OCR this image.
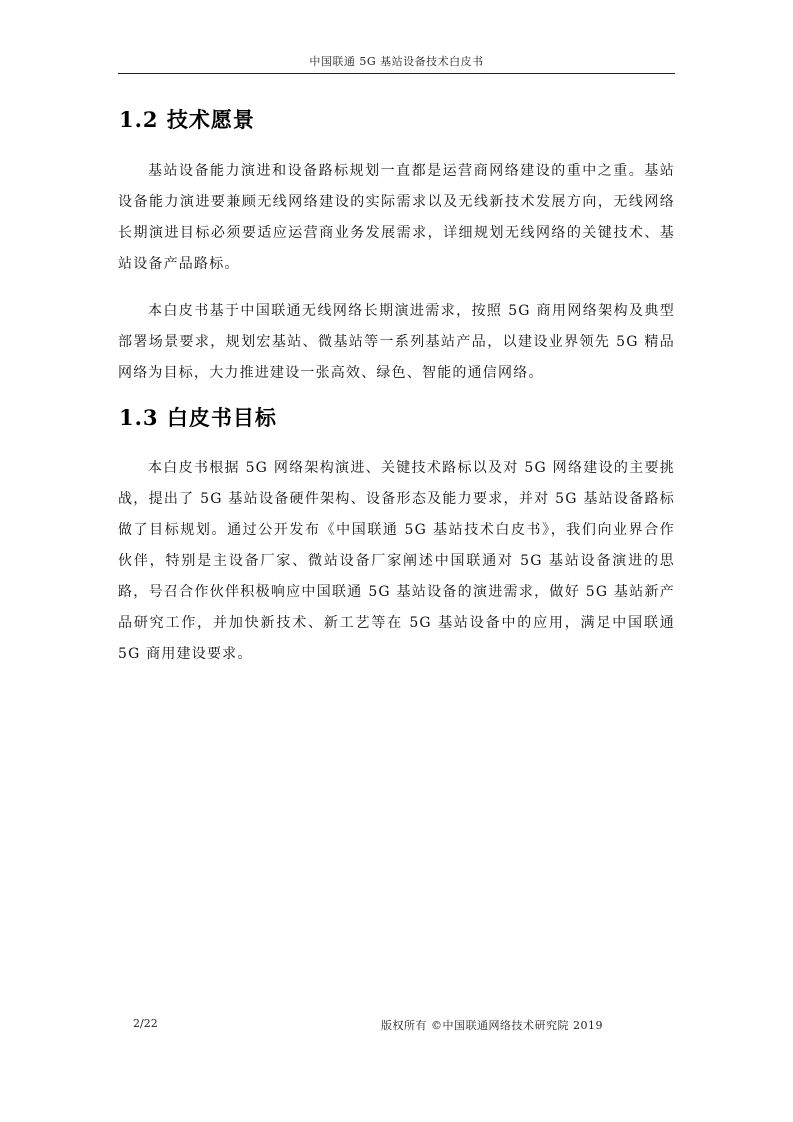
中国联通 5G 基站设备技术白皮书
1.2 技术愿景

基站设备能力演进和设备路标规划一直都是运营商网络建设的重中之重。基站设备能力演进要兼顾无线网络建设的实际需求以及无线新技术发展方向，无线网络长期演进目标必须要适应运营商业务发展需求，详细规划无线网络的关键技术、基站设备产品路标。

本白皮书基于中国联通无线网络长期演进需求，按照 5G 商用网络架构及典型部署场景要求，规划宏基站、微基站等一系列基站产品，以建设业界领先 5G 精品网络为目标，大力推进建设一张高效、绿色、智能的通信网络。

1.3 白皮书目标

本白皮书根据 5G 网络架构演进、关键技术路标以及对 5G 网络建设的主要挑战，提出了 5G 基站设备硬件架构、设备形态及能力要求，并对 5G 基站设备路标做了目标规划。通过公开发布《中国联通 5G 基站技术白皮书》，我们向业界合作伙伴，特别是主设备厂家、微站设备厂家阐述中国联通对 5G 基站设备演进的思路，号召合作伙伴积极响应中国联通 5G 基站设备的演进需求，做好 5G 基站新产品研究工作，并加快新技术、新工艺等在 5G 基站设备中的应用，满足中国联通 5G 商用建设要求。

2/22	版权所有 ©中国联通网络技术研究院 2019
